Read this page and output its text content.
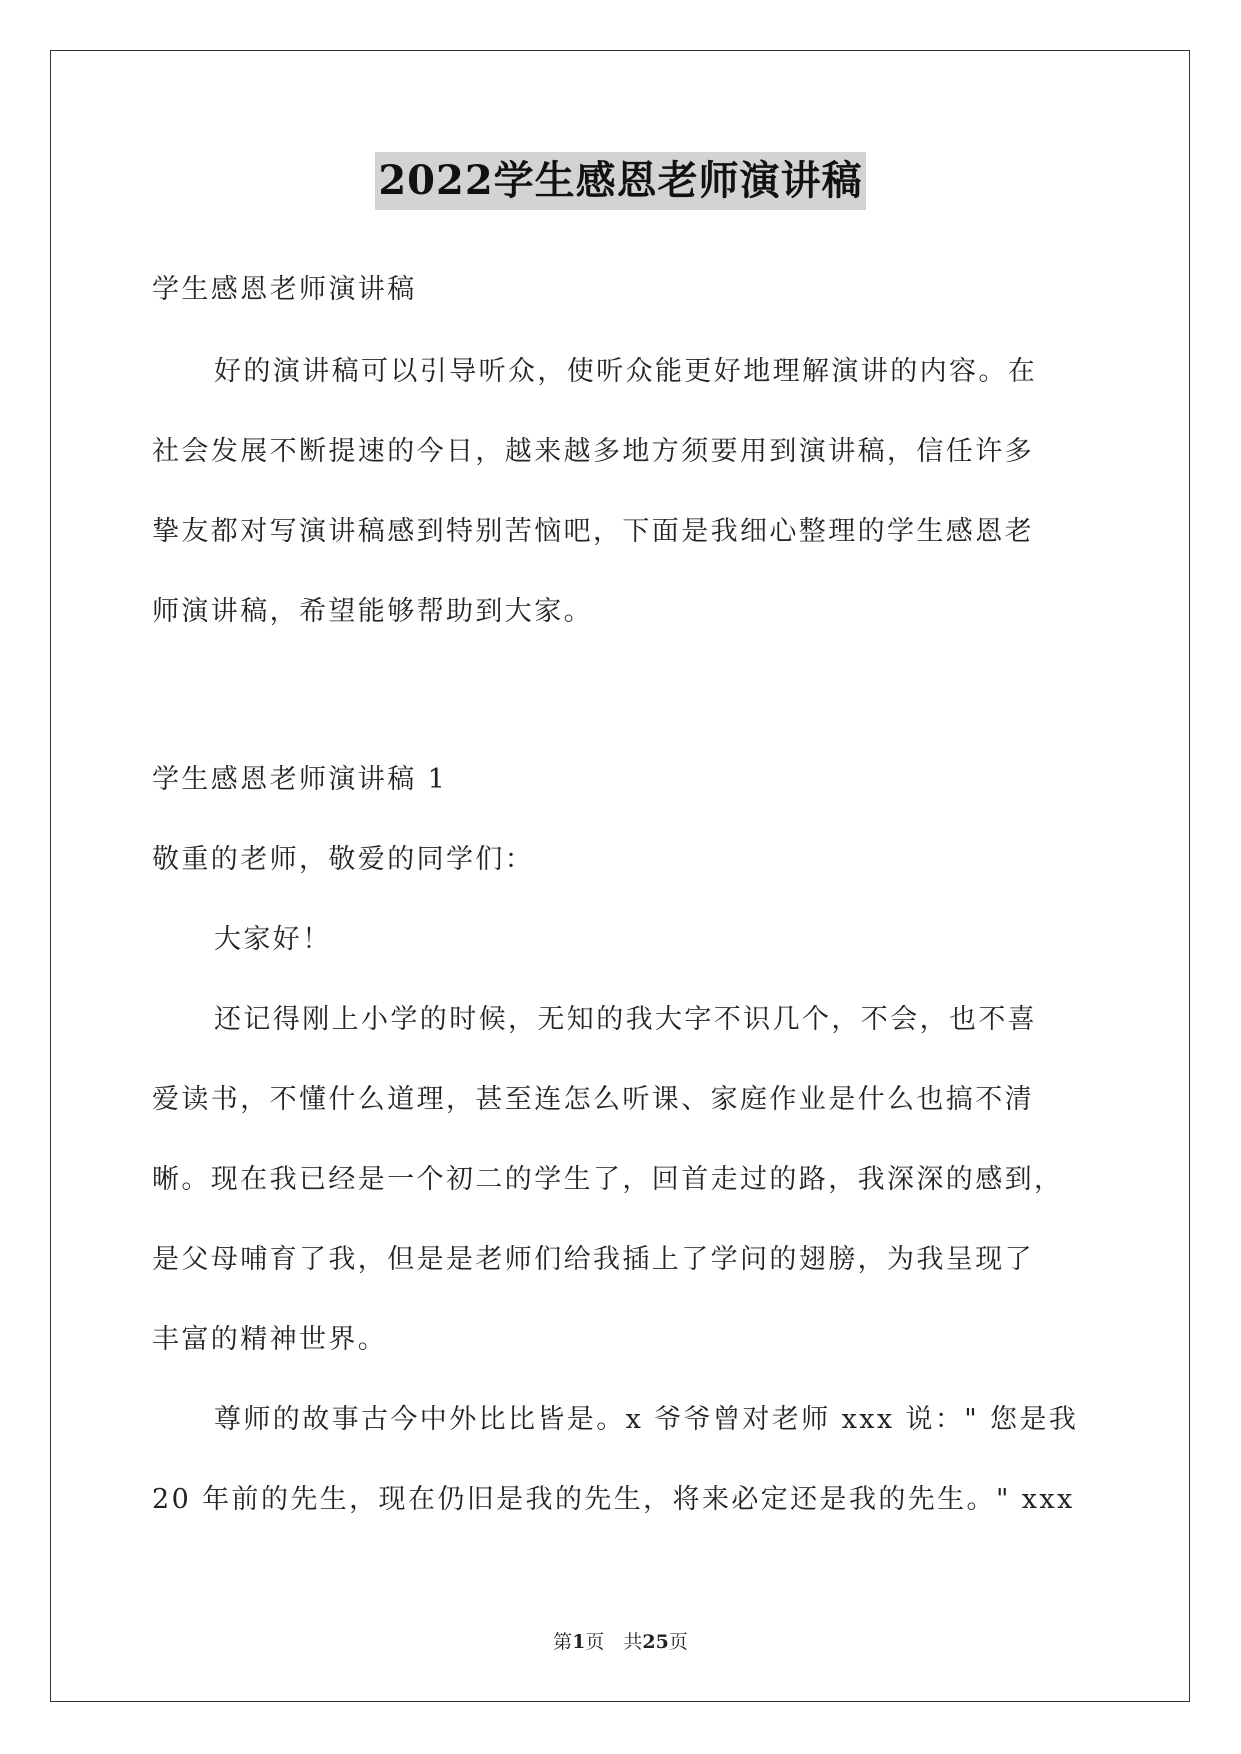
2022学生感恩老师演讲稿
学生感恩老师演讲稿
好的演讲稿可以引导听众，使听众能更好地理解演讲的内容。在
社会发展不断提速的今日，越来越多地方须要用到演讲稿，信任许多
挚友都对写演讲稿感到特别苦恼吧，下面是我细心整理的学生感恩老
师演讲稿，希望能够帮助到大家。
学生感恩老师演讲稿 1
敬重的老师，敬爱的同学们：
大家好！
还记得刚上小学的时候，无知的我大字不识几个，不会，也不喜
爱读书，不懂什么道理，甚至连怎么听课、家庭作业是什么也搞不清
晰。现在我已经是一个初二的学生了，回首走过的路，我深深的感到，
是父母哺育了我，但是是老师们给我插上了学问的翅膀，为我呈现了
丰富的精神世界。
尊师的故事古今中外比比皆是。x 爷爷曾对老师 xxx 说：" 您是我
20 年前的先生，现在仍旧是我的先生，将来必定还是我的先生。" xxx
第1页　共25页
